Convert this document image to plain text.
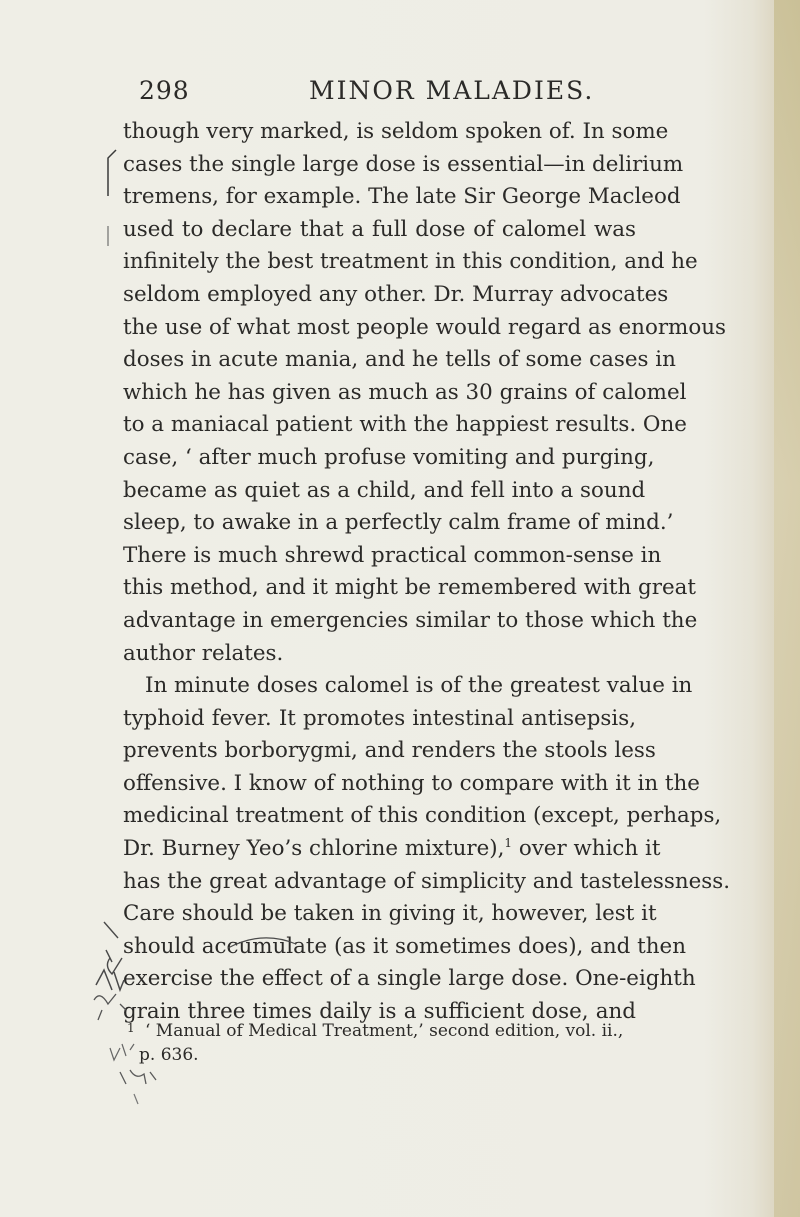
298	MINOR MALADIES.
though very marked, is seldom spoken of. In some
cases the single large dose is essential—in delirium
tremens, for example. The late Sir George Macleod
used to declare that a full dose of calomel was
infinitely the best treatment in this condition, and he
seldom employed any other. Dr. Murray advocates
the use of what most people would regard as enormous
doses in acute mania, and he tells of some cases in
which he has given as much as 30 grains of calomel
to a maniacal patient with the happiest results. One
case, ‘ after much profuse vomiting and purging,
became as quiet as a child, and fell into a sound
sleep, to awake in a perfectly calm frame of mind.’
There is much shrewd practical common-sense in
this method, and it might be remembered with great
advantage in emergencies similar to those which the
author relates.
In minute doses calomel is of the greatest value in
typhoid fever. It promotes intestinal antisepsis,
prevents borborygmi, and renders the stools less
offensive. I know of nothing to compare with it in the
medicinal treatment of this condition (except, perhaps,
Dr. Burney Yeo’s chlorine mixture),$^1$ over which it
has the great advantage of simplicity and tastelessness.
Care should be taken in giving it, however, lest it
should accumulate (as it sometimes does), and then
exercise the effect of a single large dose. One-eighth
grain three times daily is a sufficient dose, and
1 ‘ Manual of Medical Treatment,’ second edition, vol. ii.,
p. 636.
